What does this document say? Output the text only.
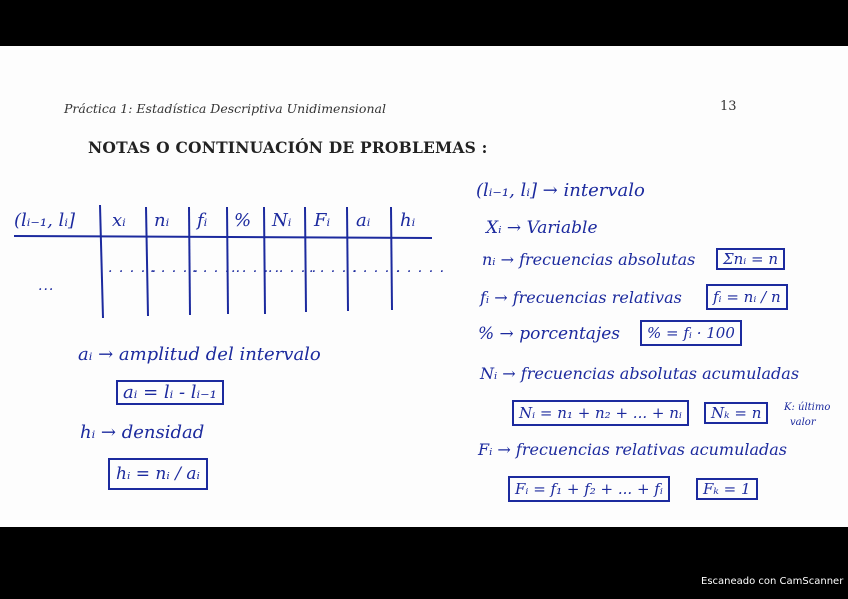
Práctica 1: Estadística Descriptiva Unidimensional	13
NOTAS O CONTINUACIÓN DE PROBLEMAS :
(lᵢ₋₁, lᵢ] xᵢ nᵢ fᵢ % Nᵢ Fᵢ aᵢ hᵢ
...
· · · · ·
· · · · ·
· · · · ·
· · · · ·
· · · · ·
· · · · ·
· · · · ·
· · · · ·
aᵢ → amplitud del intervalo
aᵢ = lᵢ - lᵢ₋₁
hᵢ → densidad
hᵢ = nᵢ / aᵢ
(lᵢ₋₁, lᵢ] → intervalo
Xᵢ → Variable
nᵢ → frecuencias absolutas	Σnᵢ = n
fᵢ → frecuencias relativas	fᵢ = nᵢ / n
% → porcentajes	% = fᵢ · 100
Nᵢ → frecuencias absolutas acumuladas
Nᵢ = n₁ + n₂ + ... + nᵢ	Nₖ = n	K: último
valor
Fᵢ → frecuencias relativas acumuladas
Fᵢ = f₁ + f₂ + ... + fᵢ	Fₖ = 1
Escaneado con CamScanner
